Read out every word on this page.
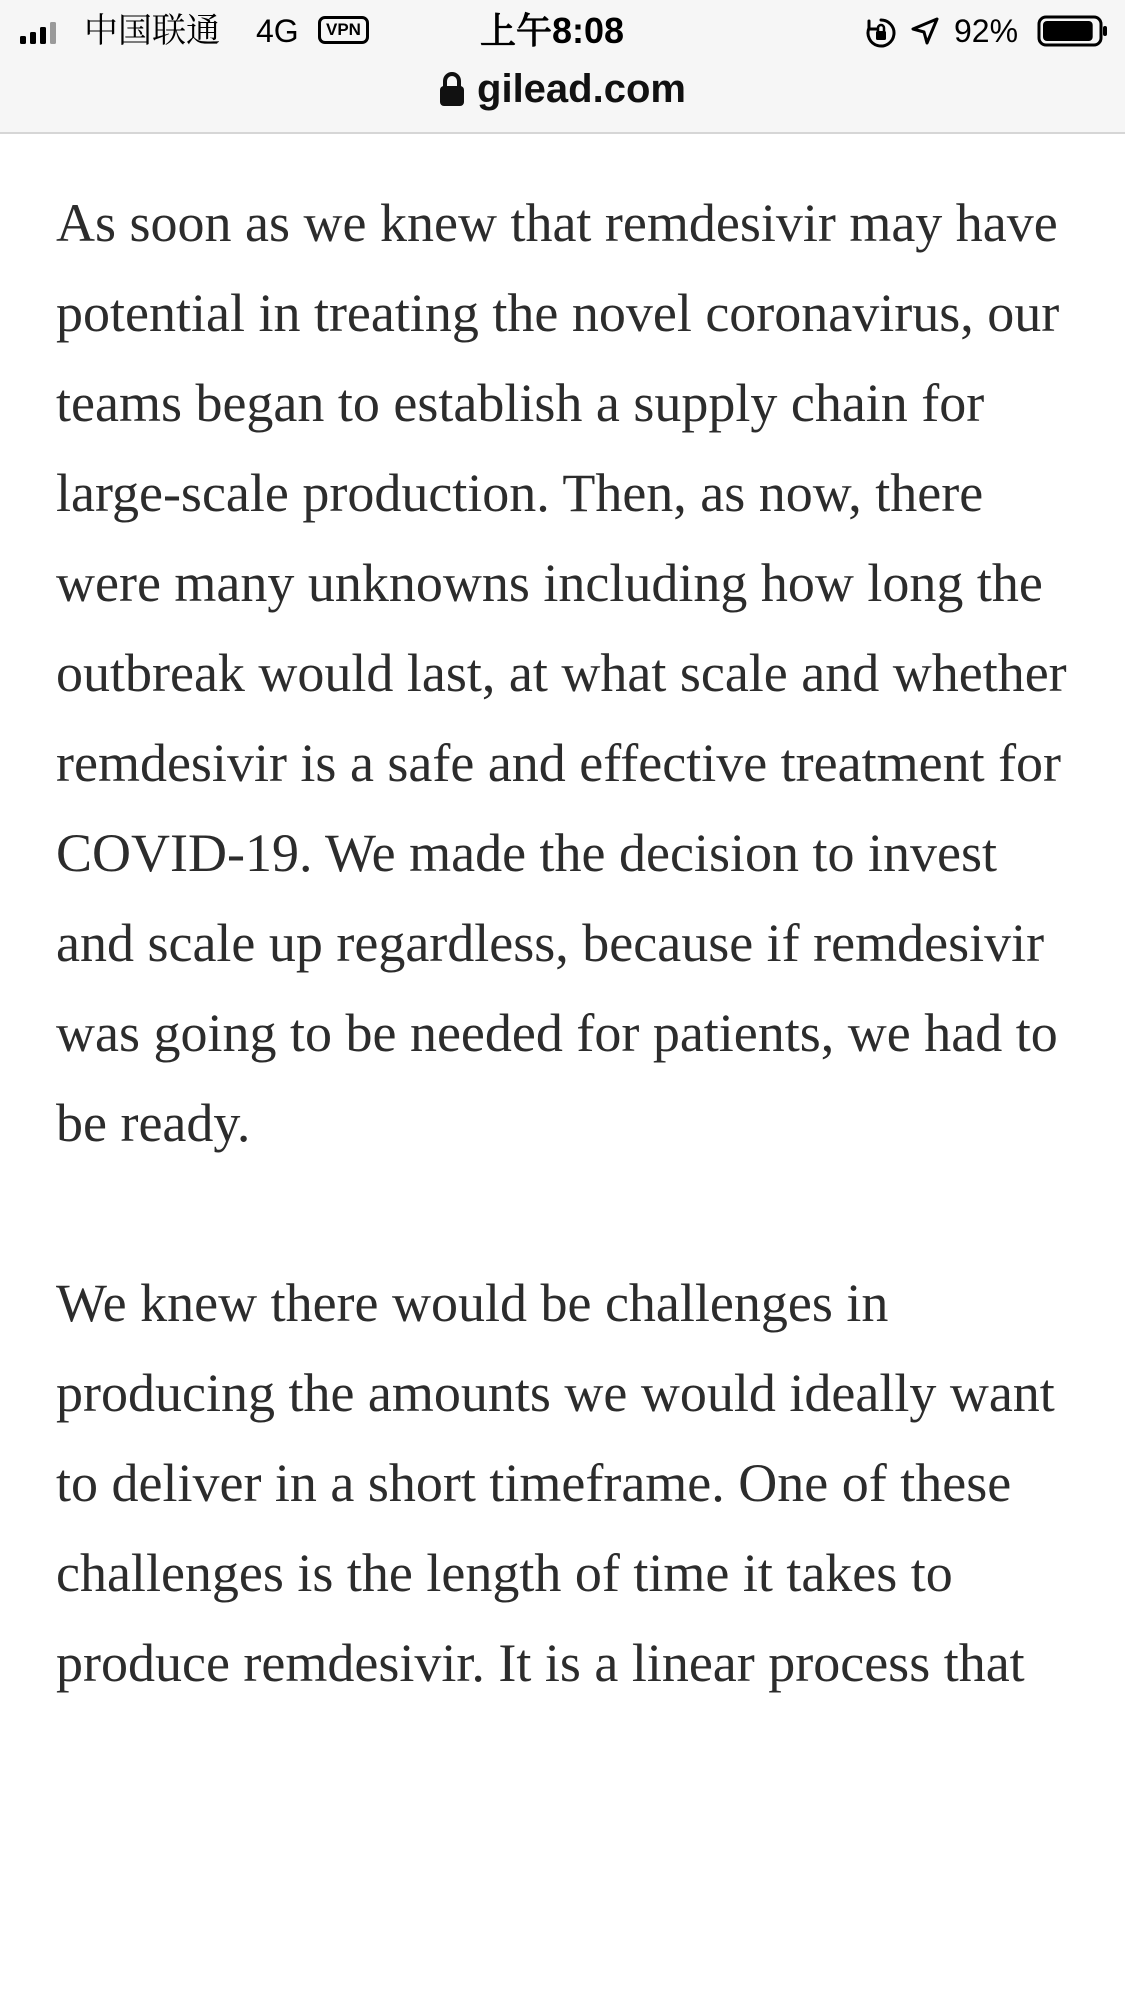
中国联通 4G	VPN	上午8:08	92%
gilead.com

As soon as we knew that remdesivir may have potential in treating the novel coronavirus, our teams began to establish a supply chain for large-scale production. Then, as now, there were many unknowns including how long the outbreak would last, at what scale and whether remdesivir is a safe and effective treatment for COVID-19. We made the decision to invest and scale up regardless, because if remdesivir was going to be needed for patients, we had to be ready.

We knew there would be challenges in producing the amounts we would ideally want to deliver in a short timeframe. One of these challenges is the length of time it takes to produce remdesivir. It is a linear process that
